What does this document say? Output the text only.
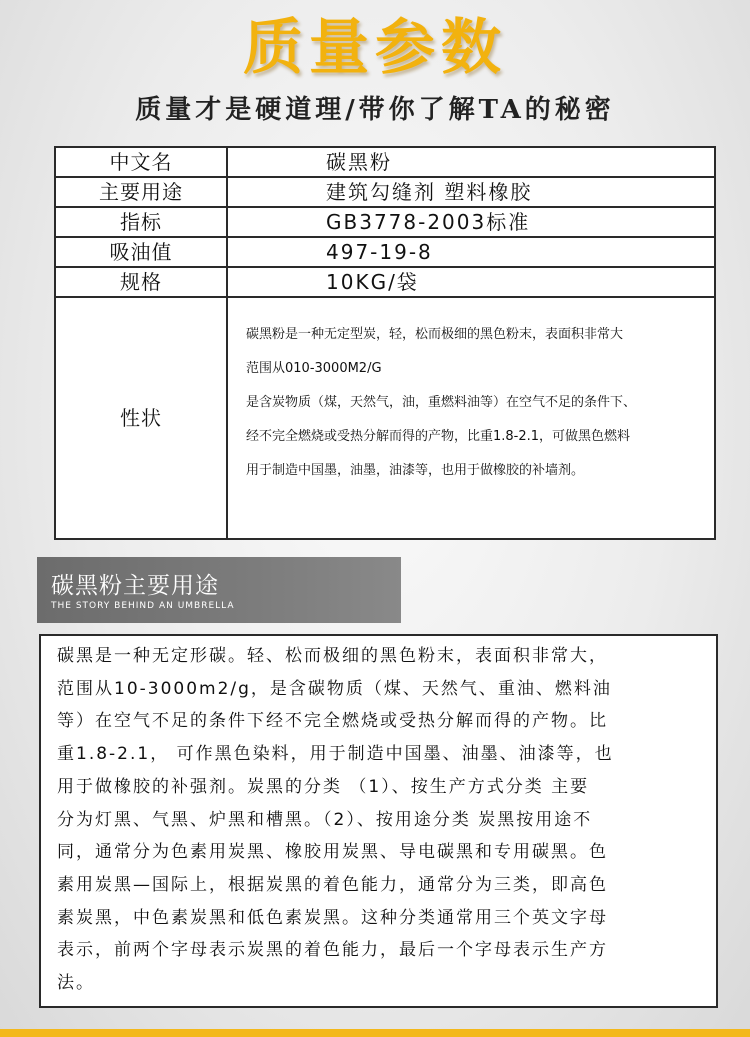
质量参数
质量才是硬道理/带你了解TA的秘密
中文名	碳黑粉
主要用途	建筑勾缝剂 塑料橡胶
指标	GB3778-2003标准
吸油值	497-19-8
规格	10KG/袋
性状	碳黑粉是一种无定型炭，轻，松而极细的黑色粉末，表面积非常大
范围从010-3000M2/G
是含炭物质（煤，天然气，油，重燃料油等）在空气不足的条件下、
经不完全燃烧或受热分解而得的产物，比重1.8-2.1，可做黑色燃料
用于制造中国墨，油墨，油漆等，也用于做橡胶的补墙剂。
碳黑粉主要用途
THE STORY BEHIND AN UMBRELLA
碳黑是一种无定形碳。轻、松而极细的黑色粉末，表面积非常大，
范围从10-3000m2/g，是含碳物质（煤、天然气、重油、燃料油
等）在空气不足的条件下经不完全燃烧或受热分解而得的产物。比
重1.8-2.1， 可作黑色染料，用于制造中国墨、油墨、油漆等，也
用于做橡胶的补强剂。炭黑的分类 （1）、按生产方式分类 主要
分为灯黑、气黑、炉黑和槽黑。（2）、按用途分类 炭黑按用途不
同，通常分为色素用炭黑、橡胶用炭黑、导电碳黑和专用碳黑。色
素用炭黑—国际上，根据炭黑的着色能力，通常分为三类，即高色
素炭黑，中色素炭黑和低色素炭黑。这种分类通常用三个英文字母
表示，前两个字母表示炭黑的着色能力，最后一个字母表示生产方
法。
